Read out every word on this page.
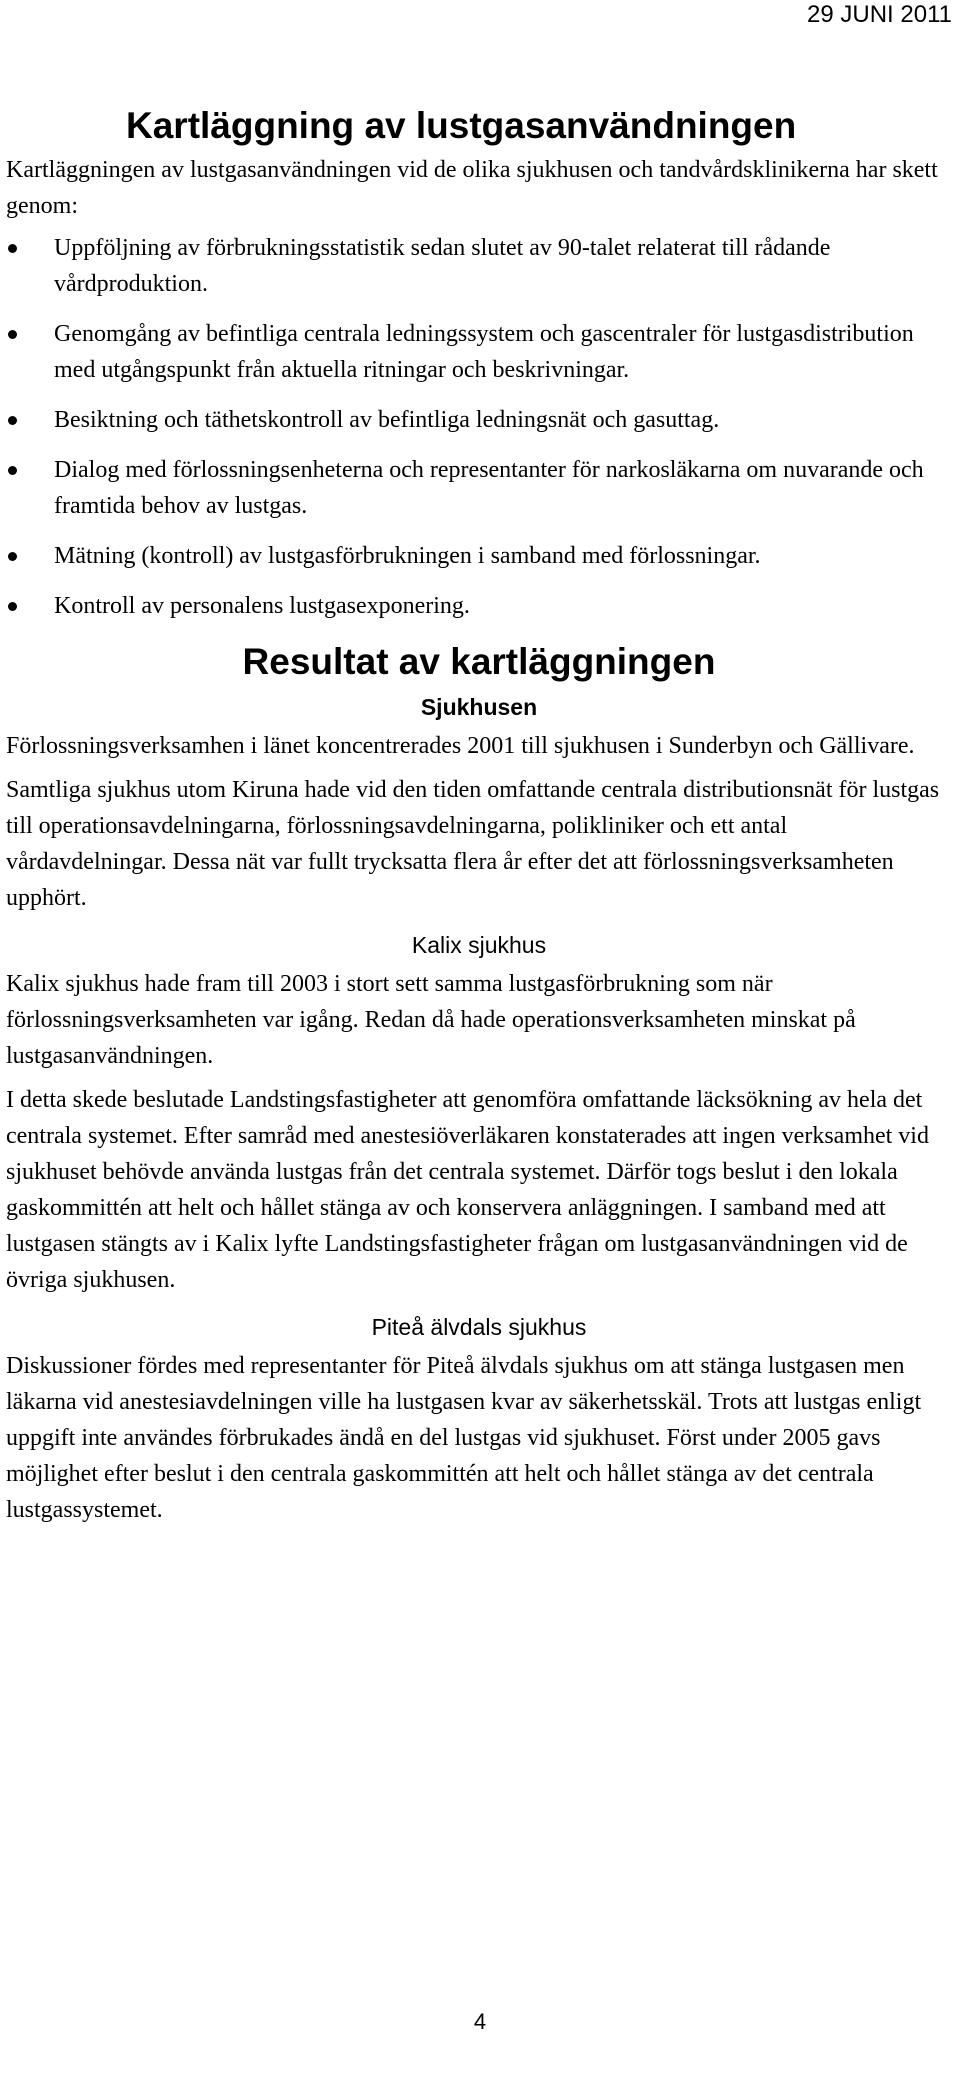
29 JUNI 2011
Kartläggning av lustgasanvändningen

Kartläggningen av lustgasanvändningen vid de olika sjukhusen och tandvårdsklinikerna har skett genom:

Uppföljning av förbrukningsstatistik sedan slutet av 90-talet relaterat till rådande vårdproduktion.
Genomgång av befintliga centrala ledningssystem och gascentraler för lustgasdistribution med utgångspunkt från aktuella ritningar och beskrivningar.
Besiktning och täthetskontroll av befintliga ledningsnät och gasuttag.
Dialog med förlossningsenheterna och representanter för narkosläkarna om nuvarande och framtida behov av lustgas.
Mätning (kontroll) av lustgasförbrukningen i samband med förlossningar.
Kontroll av personalens lustgasexponering.
Resultat av kartläggningen
Sjukhusen

Förlossningsverksamhen i länet koncentrerades 2001 till sjukhusen i Sunderbyn och Gällivare.

Samtliga sjukhus utom Kiruna hade vid den tiden omfattande centrala distributionsnät för lustgas till operationsavdelningarna, förlossningsavdelningarna, polikliniker och ett antal vårdavdelningar. Dessa nät var fullt trycksatta flera år efter det att förlossningsverksamheten upphört.

Kalix sjukhus

Kalix sjukhus hade fram till 2003 i stort sett samma lustgasförbrukning som när förlossningsverksamheten var igång. Redan då hade operationsverksamheten minskat på lustgasanvändningen.

I detta skede beslutade Landstingsfastigheter att genomföra omfattande läcksökning av hela det centrala systemet. Efter samråd med anestesiöverläkaren konstaterades att ingen verksamhet vid sjukhuset behövde använda lustgas från det centrala systemet. Därför togs beslut i den lokala gaskommittén att helt och hållet stänga av och konservera anläggningen. I samband med att lustgasen stängts av i Kalix lyfte Landstingsfastigheter frågan om lustgasanvändningen vid de övriga sjukhusen.

Piteå älvdals sjukhus

Diskussioner fördes med representanter för Piteå älvdals sjukhus om att stänga lustgasen men läkarna vid anestesiavdelningen ville ha lustgasen kvar av säkerhetsskäl. Trots att lustgas enligt uppgift inte användes förbrukades ändå en del lustgas vid sjukhuset. Först under 2005 gavs möjlighet efter beslut i den centrala gaskommittén att helt och hållet stänga av det centrala lustgassystemet.

4
